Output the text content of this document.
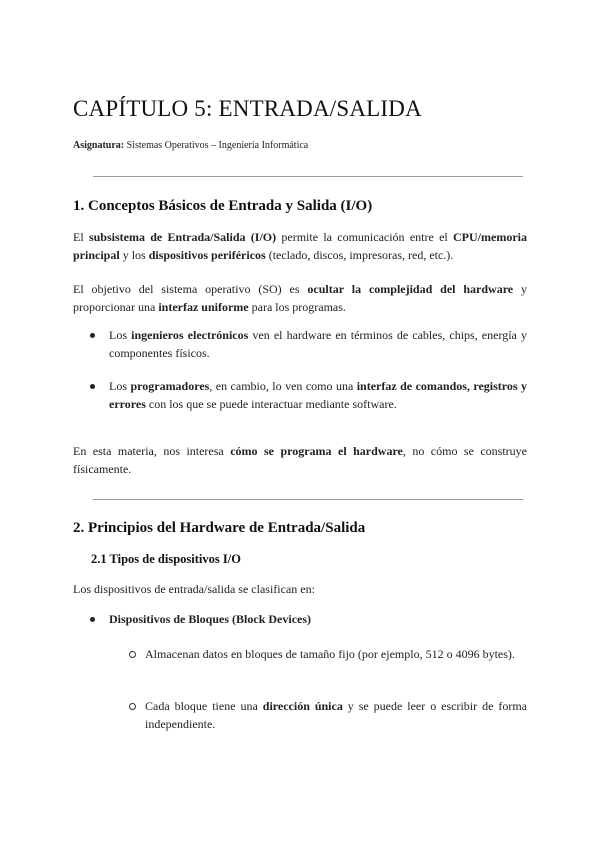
CAPÍTULO 5: ENTRADA/SALIDA
Asignatura: Sistemas Operativos – Ingeniería Informática
1. Conceptos Básicos de Entrada y Salida (I/O)
El subsistema de Entrada/Salida (I/O) permite la comunicación entre el CPU/memoria principal y los dispositivos periféricos (teclado, discos, impresoras, red, etc.).
El objetivo del sistema operativo (SO) es ocultar la complejidad del hardware y proporcionar una interfaz uniforme para los programas.
Los ingenieros electrónicos ven el hardware en términos de cables, chips, energía y componentes físicos.
Los programadores, en cambio, lo ven como una interfaz de comandos, registros y errores con los que se puede interactuar mediante software.
En esta materia, nos interesa cómo se programa el hardware, no cómo se construye físicamente.
2. Principios del Hardware de Entrada/Salida
2.1 Tipos de dispositivos I/O
Los dispositivos de entrada/salida se clasifican en:
Dispositivos de Bloques (Block Devices)
Almacenan datos en bloques de tamaño fijo (por ejemplo, 512 o 4096 bytes).
Cada bloque tiene una dirección única y se puede leer o escribir de forma independiente.
